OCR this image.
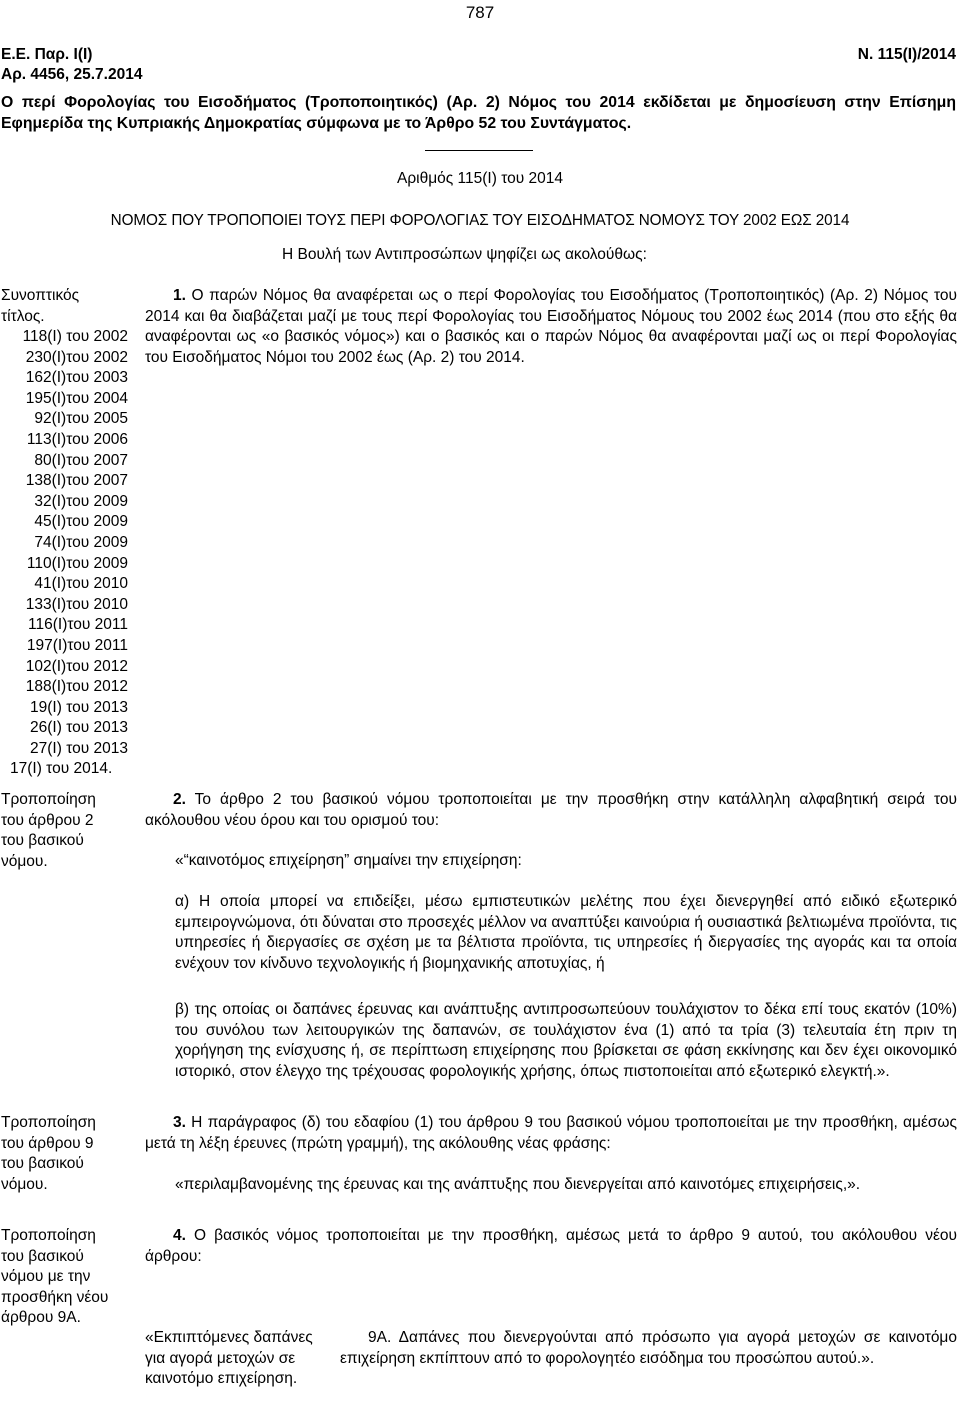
787
Ε.Ε. Παρ. Ι(Ι)
Αρ. 4456, 25.7.2014
Ν. 115(Ι)/2014
Ο περί Φορολογίας του Εισοδήματος (Τροποποιητικός) (Αρ. 2) Νόμος του 2014 εκδίδεται με δημοσίευση στην Επίσημη Εφημερίδα της Κυπριακής Δημοκρατίας σύμφωνα με το Άρθρο 52 του Συντάγματος.
Αριθμός 115(Ι) του 2014
ΝΟΜΟΣ ΠΟΥ ΤΡΟΠΟΠΟΙΕΙ ΤΟΥΣ ΠΕΡΙ ΦΟΡΟΛΟΓΙΑΣ ΤΟΥ ΕΙΣΟΔΗΜΑΤΟΣ ΝΟΜΟΥΣ ΤΟΥ 2002 ΕΩΣ 2014
Η Βουλή των Αντιπροσώπων ψηφίζει ως ακολούθως:
Συνοπτικός
τίτλος.
118(Ι) του 2002
230(Ι)του 2002
162(Ι)του 2003
195(Ι)του 2004
92(Ι)του 2005
113(Ι)του 2006
80(Ι)του 2007
138(Ι)του 2007
32(Ι)του 2009
45(Ι)του 2009
74(Ι)του 2009
110(Ι)του 2009
41(Ι)του 2010
133(Ι)του 2010
116(Ι)του 2011
197(Ι)του 2011
102(Ι)του 2012
188(Ι)του 2012
19(Ι) του 2013
26(Ι) του 2013
27(Ι) του 2013
17(Ι) του 2014.
1. Ο παρών Νόμος θα αναφέρεται ως ο περί Φορολογίας του Εισοδήματος (Τροποποιητικός) (Αρ. 2) Νόμος του 2014 και θα διαβάζεται μαζί με τους περί Φορολογίας του Εισοδήματος Νόμους του 2002 έως 2014 (που στο εξής θα αναφέρονται ως «ο βασικός νόμος») και ο βασικός και ο παρών Νόμος θα αναφέρονται μαζί ως οι περί Φορολογίας του Εισοδήματος Νόμοι του 2002 έως (Αρ. 2) του 2014.
Τροποποίηση
του άρθρου 2
του βασικού
νόμου.
2. Το άρθρο 2 του βασικού νόμου τροποποιείται με την προσθήκη στην κατάλληλη αλφαβητική σειρά του ακόλουθου νέου όρου και του ορισμού του:
«“καινοτόμος επιχείρηση” σημαίνει την επιχείρηση:
α) Η οποία μπορεί να επιδείξει, μέσω εμπιστευτικών μελέτης που έχει διενεργηθεί από ειδικό εξωτερικό εμπειρογνώμονα, ότι δύναται στο προσεχές μέλλον να αναπτύξει καινούρια ή ουσιαστικά βελτιωμένα προϊόντα, τις υπηρεσίες ή διεργασίες σε σχέση με τα βέλτιστα προϊόντα, τις υπηρεσίες ή διεργασίες της αγοράς και τα οποία ενέχουν τον κίνδυνο τεχνολογικής ή βιομηχανικής αποτυχίας, ή
β) της οποίας οι δαπάνες έρευνας και ανάπτυξης αντιπροσωπεύουν τουλάχιστον το δέκα επί τους εκατόν (10%) του συνόλου των λειτουργικών της δαπανών, σε τουλάχιστον ένα (1) από τα τρία (3) τελευταία έτη πριν τη χορήγηση της ενίσχυσης ή, σε περίπτωση επιχείρησης που βρίσκεται σε φάση εκκίνησης και δεν έχει οικονομικό ιστορικό, στον έλεγχο της τρέχουσας φορολογικής χρήσης, όπως πιστοποιείται από εξωτερικό ελεγκτή.».
Τροποποίηση
του άρθρου 9
του βασικού
νόμου.
3. Η παράγραφος (δ) του εδαφίου (1) του άρθρου 9 του βασικού νόμου τροποποιείται με την προσθήκη, αμέσως μετά τη λέξη έρευνες (πρώτη γραμμή), της ακόλουθης νέας φράσης:
«περιλαμβανομένης της έρευνας και της ανάπτυξης που διενεργείται από καινοτόμες επιχειρήσεις,».
Τροποποίηση
του βασικού
νόμου με την
προσθήκη νέου
άρθρου 9Α.
4. Ο βασικός νόμος τροποποιείται με την προσθήκη, αμέσως μετά το άρθρο 9 αυτού, του ακόλουθου νέου άρθρου:
«Εκπιπτόμενες δαπάνες για αγορά μετοχών σε καινοτόμο επιχείρηση.
9Α. Δαπάνες που διενεργούνται από πρόσωπο για αγορά μετοχών σε καινοτόμο επιχείρηση εκπίπτουν από το φορολογητέο εισόδημα του προσώπου αυτού.».
